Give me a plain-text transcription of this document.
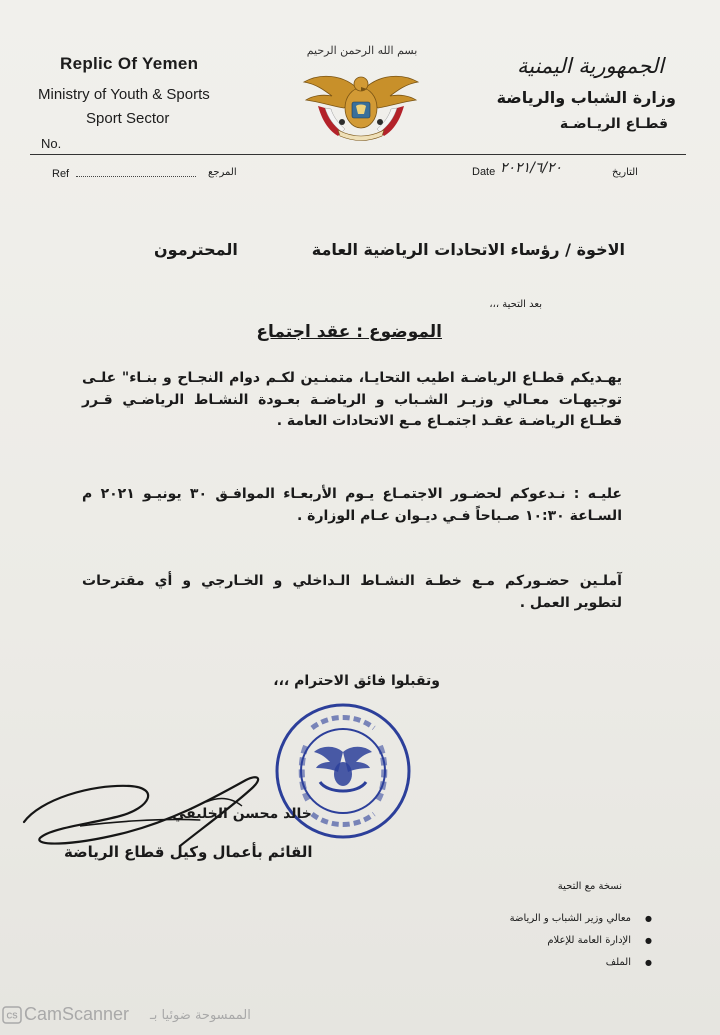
Replic Of Yemen
Ministry of Youth & Sports
Sport Sector
No.
بسم الله الرحمن الرحيم
الجمهورية اليمنية
وزارة الشباب والرياضة
قطـاع الريـاضـة
Ref	المرجع	Date ٢٠٢١/٦/٢٠	التاريخ
الاخوة / رؤساء الاتحادات الرياضية العامة
المحترمون
بعد التحية ،،،
الموضوع : عقد اجتماع
يهـديكم قطـاع الرياضـة اطيب التحايـا، متمنـين لكـم دوام النجـاح و بنـاء" علـى توجيهـات معـالي وزيـر الشـباب و الرياضـة بعـودة النشـاط الرياضـي قـرر قطـاع الرياضـة عقـد اجتمـاع مـع الاتحادات العامة .
عليـه : نـدعوكم لحضـور الاجتمـاع يـوم الأربعـاء الموافـق ٣٠ يونيـو ٢٠٢١ م السـاعة ١٠:٣٠ صـباحاً فـي ديـوان عـام الوزارة .
آملـين حضـوركم مـع خطـة النشـاط الـداخلي و الخـارجي و أي مقترحات لتطوير العمل .
وتقبلوا فائق الاحترام ،،،
خالد محسن الخليفي
القائم بأعمال وكيل قطاع الرياضة
نسخة مع التحية
●معالي وزير الشباب و الرياضة
●الإدارة العامة للإعلام
●الملف
CS CamScanner الممسوحة ضوئيا بـ
